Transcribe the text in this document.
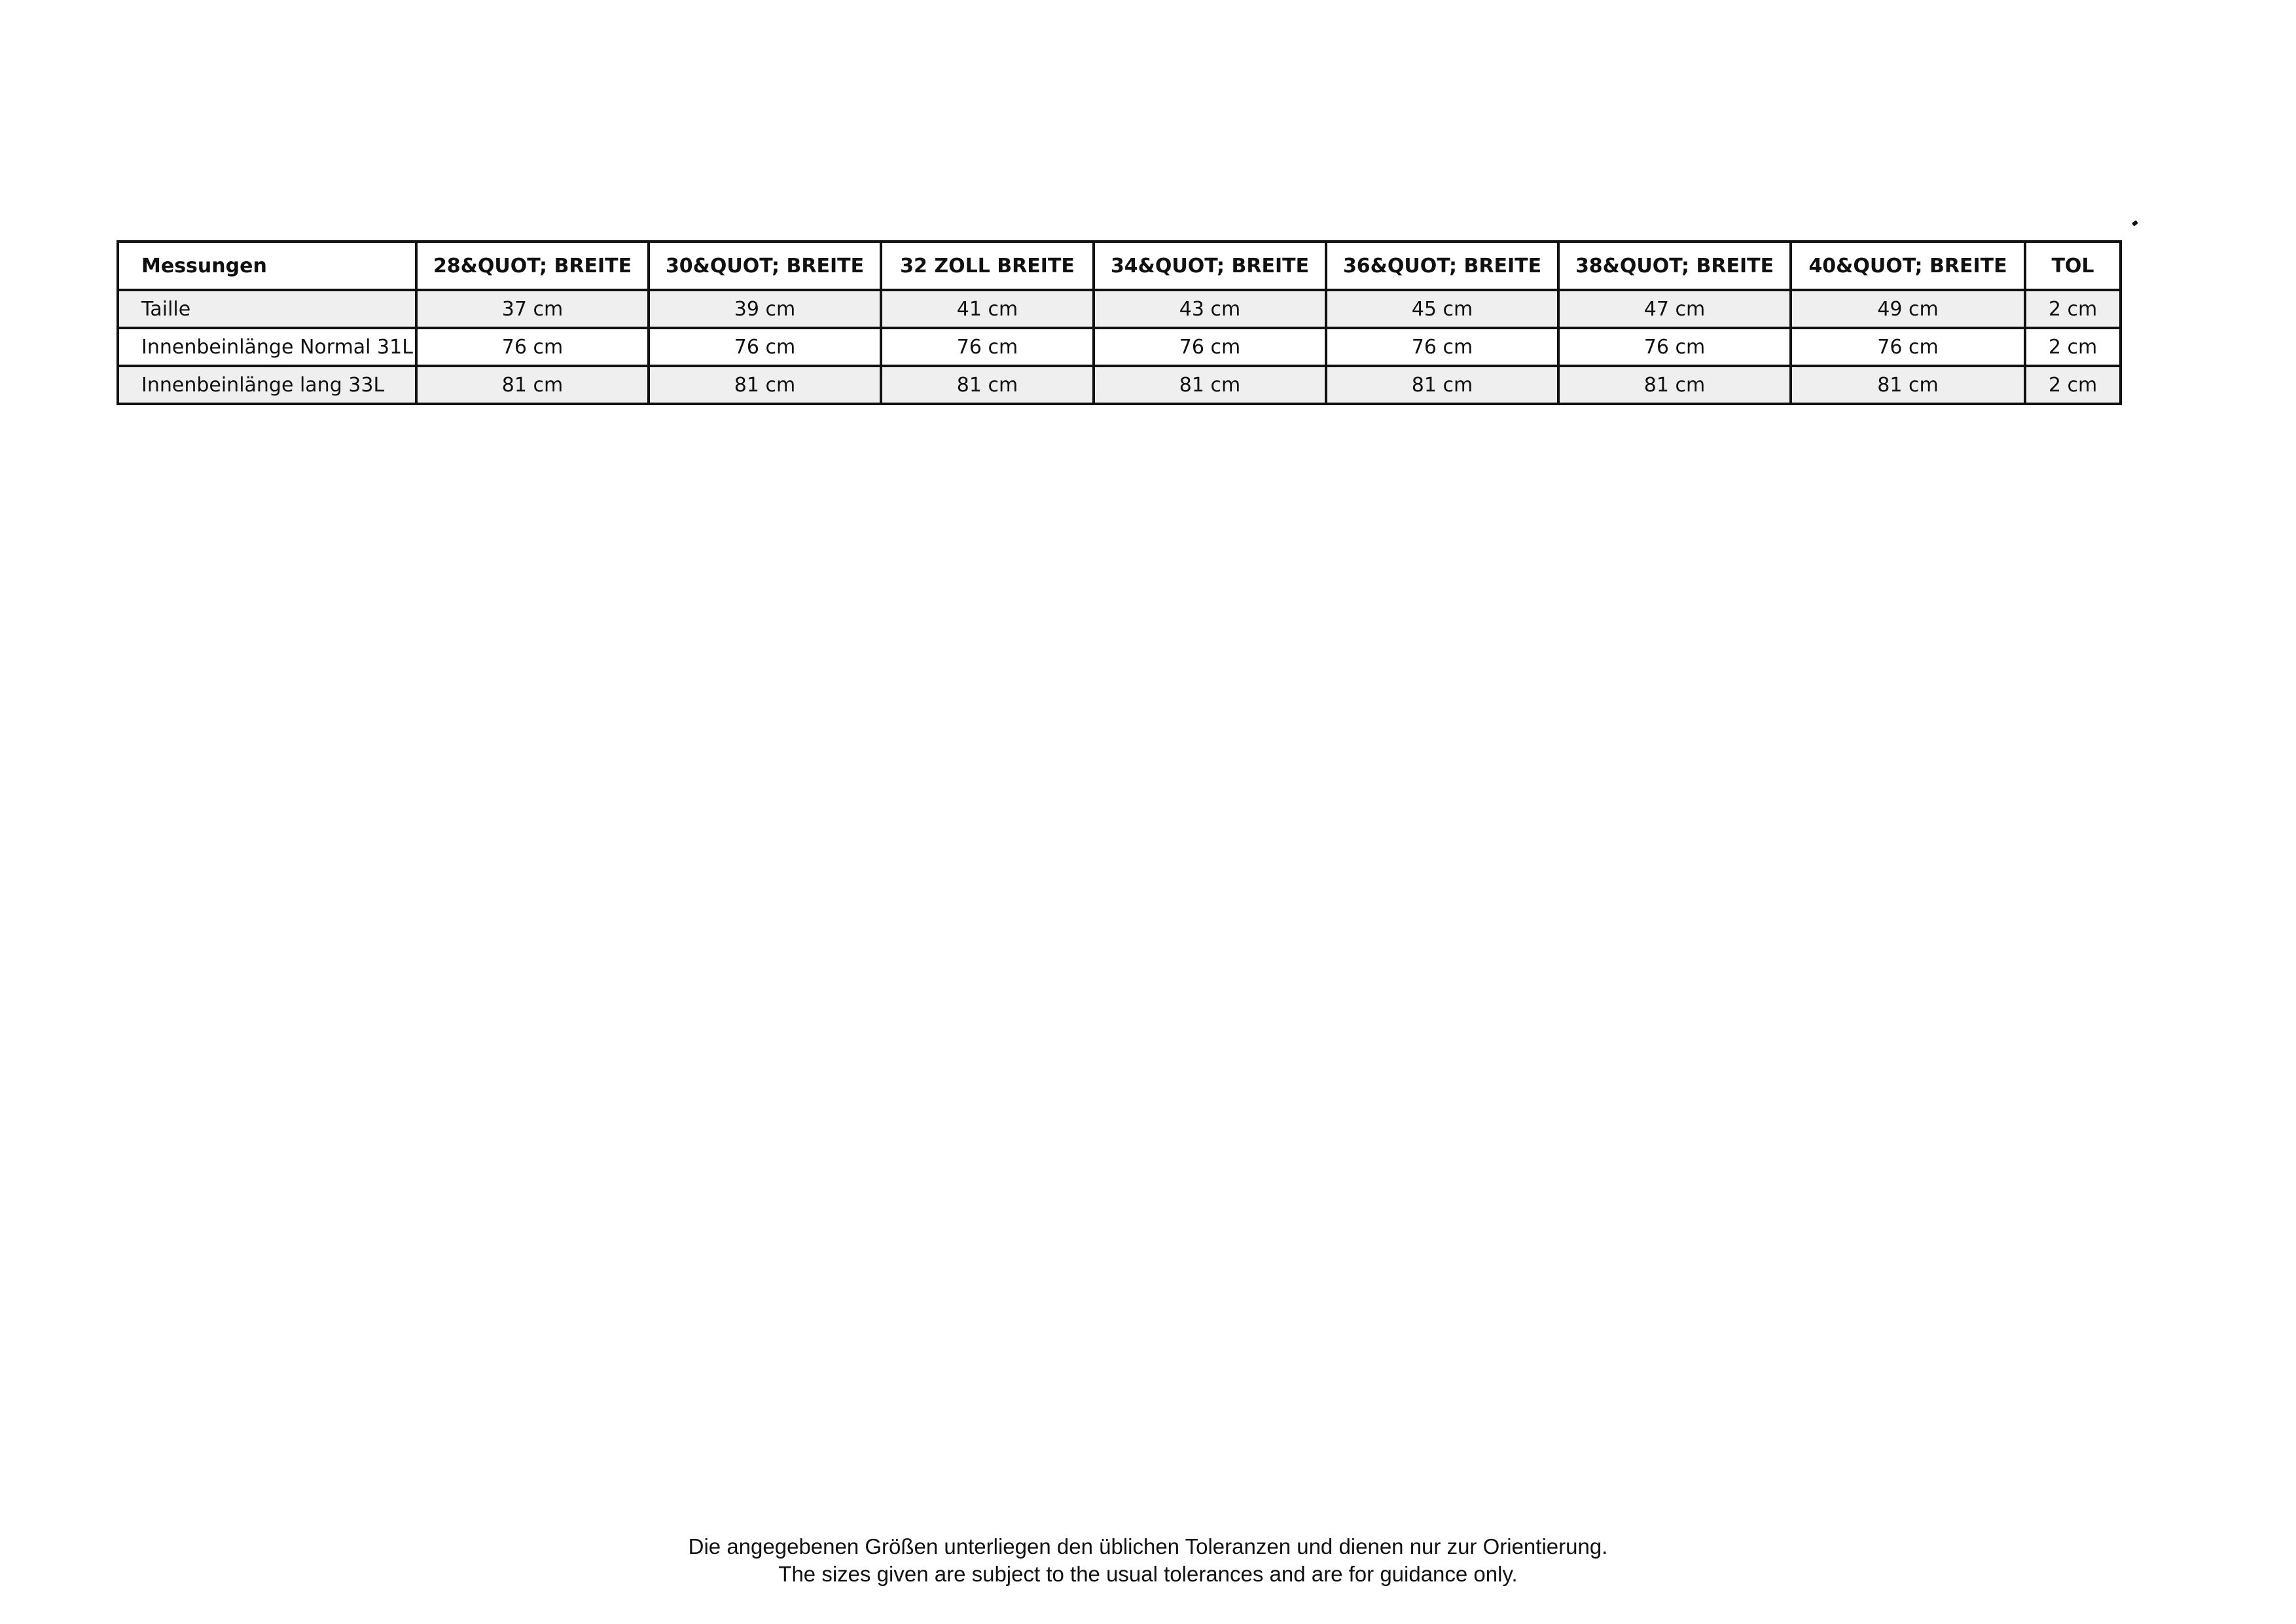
Messungen	28&QUOT; BREITE	30&QUOT; BREITE	32 ZOLL BREITE	34&QUOT; BREITE	36&QUOT; BREITE	38&QUOT; BREITE	40&QUOT; BREITE	TOL
Taille	37 cm	39 cm	41 cm	43 cm	45 cm	47 cm	49 cm	2 cm
Innenbeinlänge Normal 31L	76 cm	76 cm	76 cm	76 cm	76 cm	76 cm	76 cm	2 cm
Innenbeinlänge lang 33L	81 cm	81 cm	81 cm	81 cm	81 cm	81 cm	81 cm	2 cm
Die angegebenen Größen unterliegen den üblichen Toleranzen und dienen nur zur Orientierung.
The sizes given are subject to the usual tolerances and are for guidance only.
